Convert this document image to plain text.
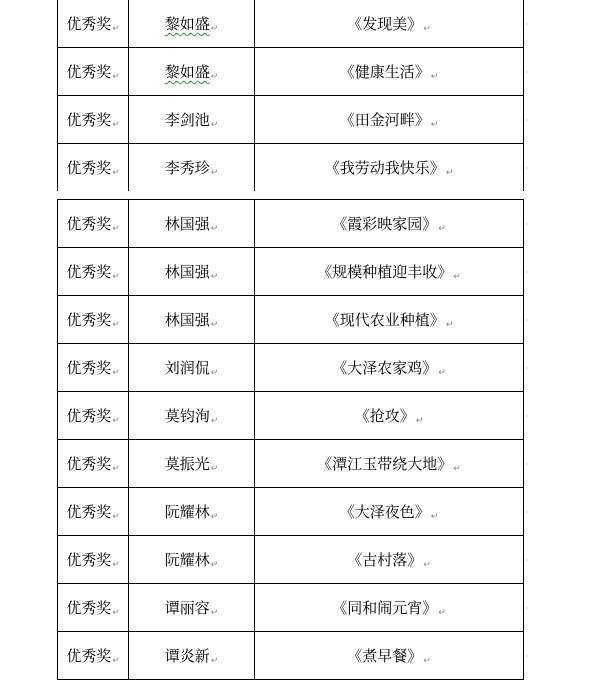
优秀奖↵	黎如盛↵	《发现美》↵ ·

优秀奖↵	黎如盛↵	《健康生活》↵ ·

优秀奖↵	李剑池↵	《田金河畔》↵ ·

优秀奖↵	李秀珍↵	《我劳动我快乐》↵ ·
优秀奖↵	林国强↵	《霞彩映家园》↵ ·

优秀奖↵	林国强↵	《规模种植迎丰收》↵ ·

优秀奖↵	林国强↵	《现代农业种植》↵ ·

优秀奖↵	刘润侃↵	《大泽农家鸡》↵ ·

优秀奖↵	莫钧洵↵	《抢攻》↵ ·

优秀奖↵	莫振光↵	《潭江玉带绕大地》↵ ·

优秀奖↵	阮耀林↵	《大泽夜色》↵ ·

优秀奖↵	阮耀林↵	《古村落》↵ ·

优秀奖↵	谭丽容↵	《同和闹元宵》↵ ·

优秀奖↵	谭炎新↵	《煮早餐》↵ ·
